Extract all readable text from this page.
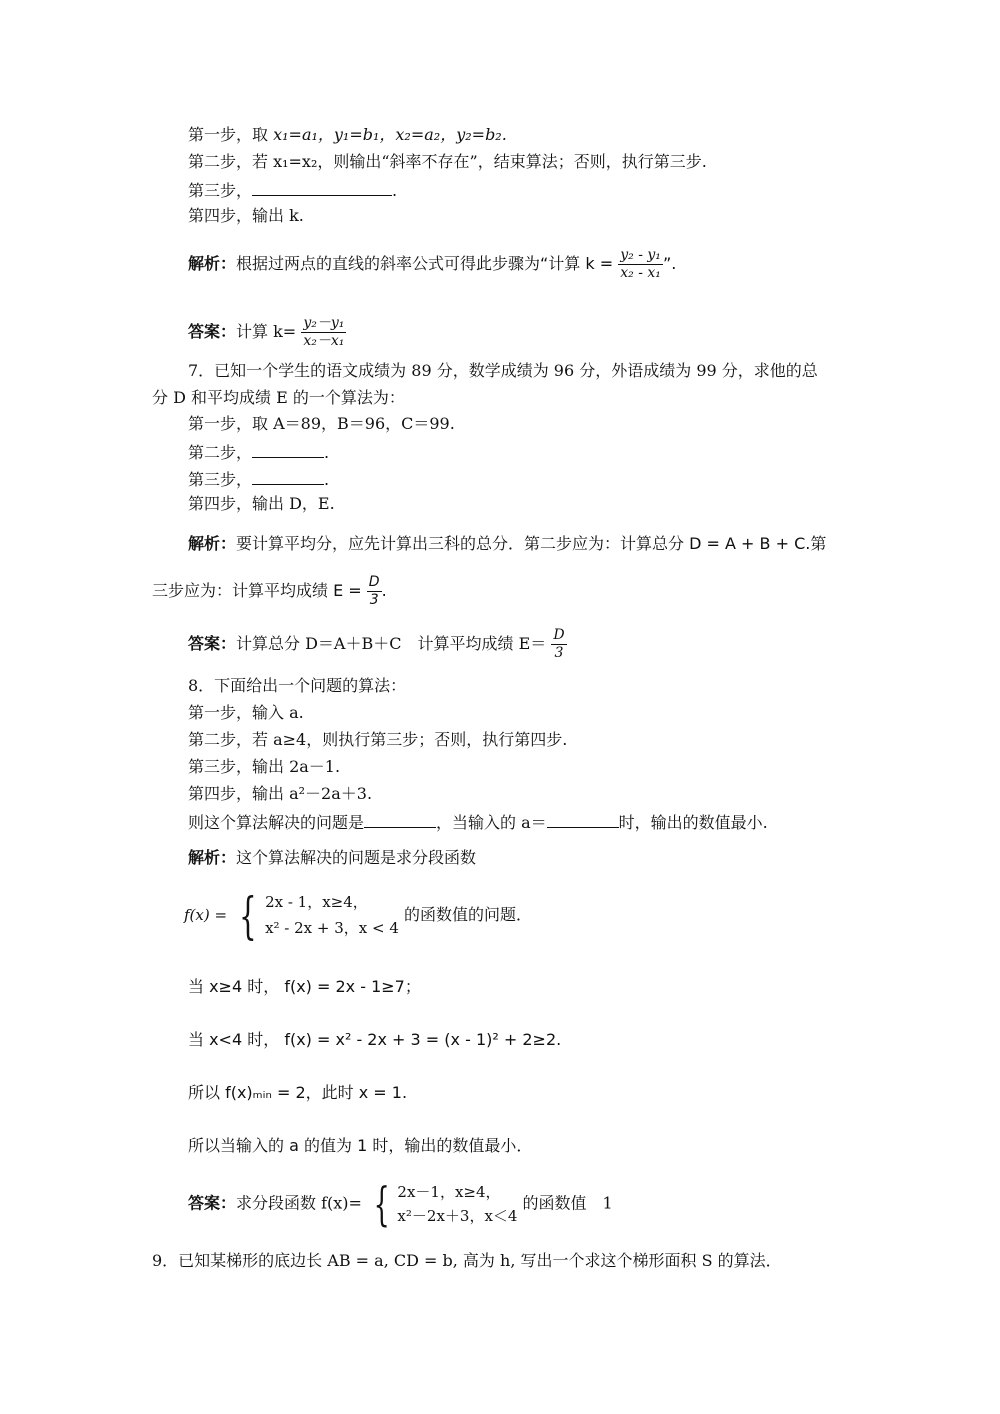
第一步，取 x₁=a₁，y₁=b₁，x₂=a₂，y₂=b₂.
第二步，若 x₁=x₂，则输出“斜率不存在”，结束算法；否则，执行第三步.
第三步，	.
第四步，输出 k.
解析：根据过两点的直线的斜率公式可得此步骤为“计算 $k = \frac{\text{y₂ - y₁}}{\text{x₂ - x₁}}$ ”.
答案：计算 $k= \frac{\text{y₂－y₁}}{\text{x₂－x₁}}$
7．已知一个学生的语文成绩为 89 分，数学成绩为 96 分，外语成绩为 99 分，求他的总
分 D 和平均成绩 E 的一个算法为：
第一步，取 A＝89，B＝96，C＝99.
第二步，	.
第三步，	.
第四步，输出 D，E.
解析：要计算平均分，应先计算出三科的总分．第二步应为：计算总分 D = A + B + C.第
三步应为：计算平均成绩 $E = \frac{D}{3}$ .
答案：计算总分 D＝A＋B＋C　计算平均成绩 $E= \frac{D}{3}$
8．下面给出一个问题的算法：
第一步，输入 a.
第二步，若 a≥4，则执行第三步；否则，执行第四步.
第三步，输出 2a－1.
第四步，输出 a²－2a＋3.
则这个算法解决的问题是	，当输入的 a＝	时，输出的数值最小.
解析：这个算法解决的问题是求分段函数
f(x) = { 2x - 1，x≥4，
x² - 2x + 3，x < 4
的函数值的问题．
当 x≥4 时， f(x) = 2x - 1≥7；
当 x<4 时， f(x) = x² - 2x + 3 = (x - 1)² + 2≥2.
所以 f(x)ₘᵢₙ = 2，此时 x = 1.
所以当输入的 a 的值为 1 时，输出的数值最小．
答案：求分段函数 f(x)= { 2x－1，x≥4，
x²－2x＋3，x＜4
的函数值　1
9．已知某梯形的底边长 AB = a, CD = b, 高为 h, 写出一个求这个梯形面积 S 的算法．
